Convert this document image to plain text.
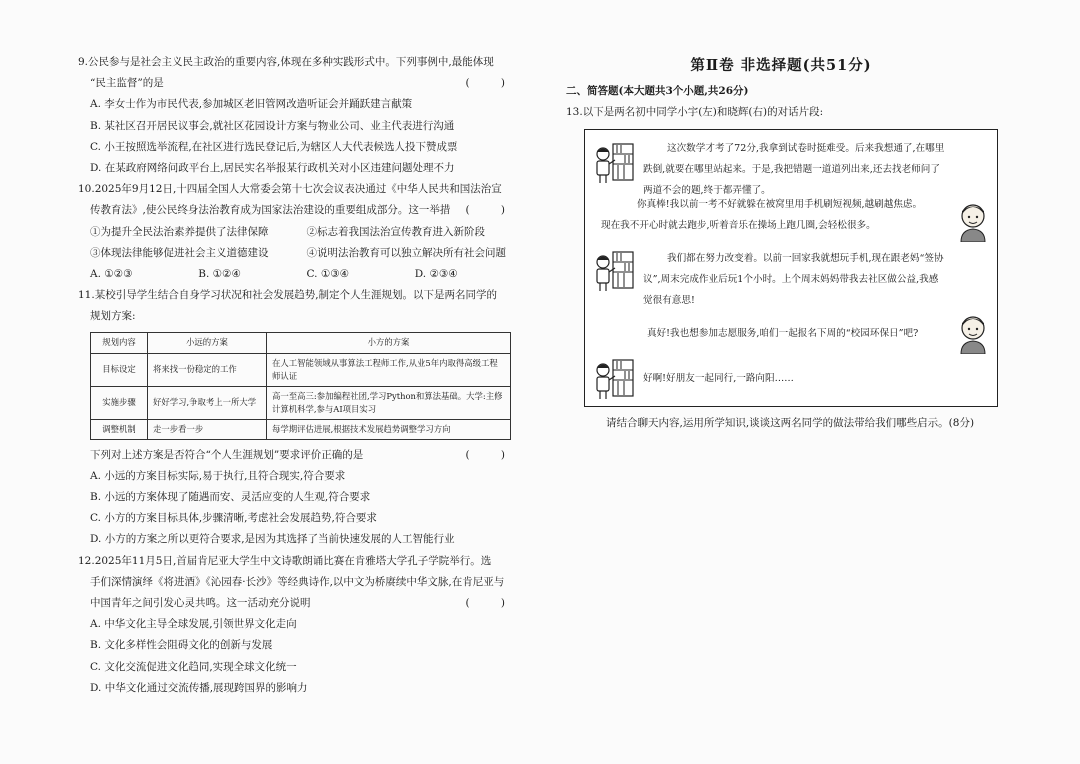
9.公民参与是社会主义民主政治的重要内容,体现在多种实践形式中。下列事例中,最能体现
“民主监督”的是	( )
A. 李女士作为市民代表,参加城区老旧管网改造听证会并踊跃建言献策
B. 某社区召开居民议事会,就社区花园设计方案与物业公司、业主代表进行沟通
C. 小王按照选举流程,在社区进行选民登记后,为辖区人大代表候选人投下赞成票
D. 在某政府网络问政平台上,居民实名举报某行政机关对小区违建问题处理不力
10.2025年9月12日,十四届全国人大常委会第十七次会议表决通过《中华人民共和国法治宣
传教育法》,使公民终身法治教育成为国家法治建设的重要组成部分。这一举措 ( )
①为提升全民法治素养提供了法律保障	②标志着我国法治宣传教育进入新阶段
③体现法律能够促进社会主义道德建设	④说明法治教育可以独立解决所有社会问题
A. ①②③	B. ①②④	C. ①③④	D. ②③④
11.某校引导学生结合自身学习状况和社会发展趋势,制定个人生涯规划。以下是两名同学的
规划方案:
规划内容	小远的方案	小方的方案
目标设定	将来找一份稳定的工作	在人工智能领域从事算法工程师工作,从业5年内取得高级工程师认证
实施步骤	好好学习,争取考上一所大学	高一至高三:参加编程社团,学习Python和算法基础。大学:主修计算机科学,参与AI项目实习
调整机制	走一步看一步	每学期评估进展,根据技术发展趋势调整学习方向
下列对上述方案是否符合“个人生涯规划”要求评价正确的是	( )
A. 小远的方案目标实际,易于执行,且符合现实,符合要求
B. 小远的方案体现了随遇而安、灵活应变的人生观,符合要求
C. 小方的方案目标具体,步骤清晰,考虑社会发展趋势,符合要求
D. 小方的方案之所以更符合要求,是因为其选择了当前快速发展的人工智能行业
12.2025年11月5日,首届肯尼亚大学生中文诗歌朗诵比赛在肯雅塔大学孔子学院举行。选
手们深情演绎《将进酒》《沁园春·长沙》等经典诗作,以中文为桥赓续中华文脉,在肯尼亚与
中国青年之间引发心灵共鸣。这一活动充分说明	( )
A. 中华文化主导全球发展,引领世界文化走向
B. 文化多样性会阻碍文化的创新与发展
C. 文化交流促进文化趋同,实现全球文化统一
D. 中华文化通过交流传播,展现跨国界的影响力
第Ⅱ卷 非选择题(共51分)
二、简答题(本大题共3个小题,共26分)
13.以下是两名初中同学小宇(左)和晓辉(右)的对话片段:
这次数学才考了72分,我拿到试卷时挺难受。后来我想通了,在哪里
跌倒,就要在哪里站起来。于是,我把错题一道道列出来,还去找老师问了
两道不会的题,终于都弄懂了。
你真棒!我以前一考不好就躲在被窝里用手机刷短视频,越刷越焦虑。
现在我不开心时就去跑步,听着音乐在操场上跑几圈,会轻松很多。
我们都在努力改变着。以前一回家我就想玩手机,现在跟老妈“签协
议”,周末完成作业后玩1个小时。上个周末妈妈带我去社区做公益,我感
觉很有意思!
真好!我也想参加志愿服务,咱们一起报名下周的“校园环保日”吧?
好啊!好朋友一起同行,一路向阳……
请结合聊天内容,运用所学知识,谈谈这两名同学的做法带给我们哪些启示。(8分)
